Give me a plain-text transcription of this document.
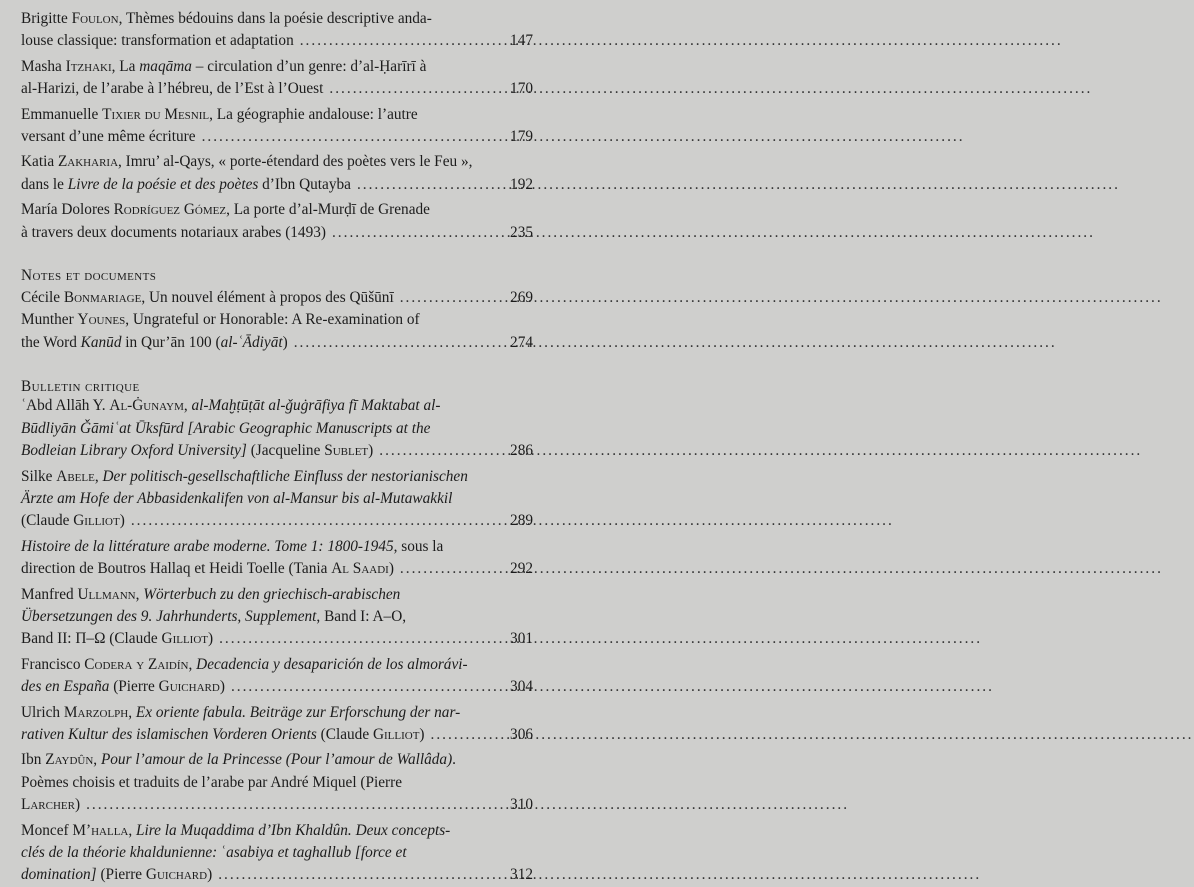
Brigitte Foulon, Thèmes bédouins dans la poésie descriptive anda-
louse classique: transformation et adaptation .....	147
Masha Itzhaki, La maqāma – circulation d’un genre: d’al-Ḥarīrī à
al-Harizi, de l’arabe à l’hébreu, de l’Est à l’Ouest .....	170
Emmanuelle Tixier du Mesnil, La géographie andalouse: l’autre
versant d’une même écriture .....	179
Katia Zakharia, Imru’ al-Qays, « porte-étendard des poètes vers le Feu »,
dans le Livre de la poésie et des poètes d’Ibn Qutayba .....	192
María Dolores Rodríguez Gómez, La porte d’al-Murḍī de Grenade
à travers deux documents notariaux arabes (1493) .....	235
Notes et documents
Cécile Bonmariage, Un nouvel élément à propos des Qūšūnī .....	269
Munther Younes, Ungrateful or Honorable: A Re-examination of
the Word Kanūd in Qur’ān 100 (al-ʿĀdiyāt) .....	274
Bulletin critique
ʿAbd Allāh Y. Al-Ġunaym, al-Maḫṭūṭāt al-ǧuġrāfiya fī Maktabat al-
Būdliyān Ǧāmiʿat Ūksfūrd [Arabic Geographic Manuscripts at the
Bodleian Library Oxford University] (Jacqueline Sublet) .....	286
Silke Abele, Der politisch-gesellschaftliche Einfluss der nestorianischen
Ärzte am Hofe der Abbasidenkalifen von al-Mansur bis al-Mutawakkil
(Claude Gilliot) .....	289
Histoire de la littérature arabe moderne. Tome 1: 1800-1945, sous la
direction de Boutros Hallaq et Heidi Toelle (Tania Al Saadi) .....	292
Manfred Ullmann, Wörterbuch zu den griechisch-arabischen
Übersetzungen des 9. Jahrhunderts, Supplement, Band I: A–O,
Band II: Π–Ω (Claude Gilliot) .....	301
Francisco Codera y Zaidín, Decadencia y desaparición de los almorávi-
des en España (Pierre Guichard) .....	304
Ulrich Marzolph, Ex oriente fabula. Beiträge zur Erforschung der nar-
rativen Kultur des islamischen Vorderen Orients (Claude Gilliot) .....	306
Ibn Zaydûn, Pour l’amour de la Princesse (Pour l’amour de Wallâda).
Poèmes choisis et traduits de l’arabe par André Miquel (Pierre
Larcher) .....	310
Moncef M’halla, Lire la Muqaddima d’Ibn Khaldûn. Deux concepts-
clés de la théorie khaldunienne: ʿasabiya et taghallub [force et
domination] (Pierre Guichard) .....	312
